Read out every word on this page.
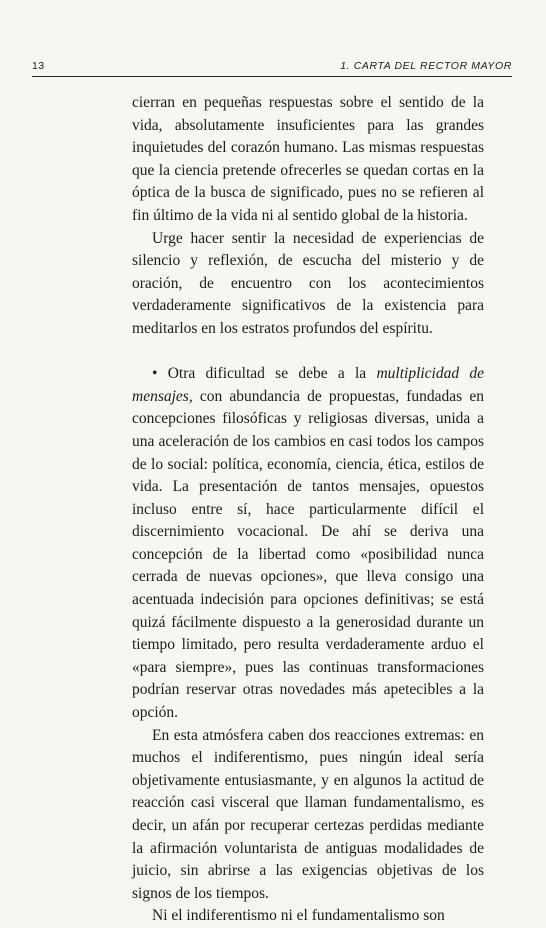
13	1. CARTA DEL RECTOR MAYOR

cierran en pequeñas respuestas sobre el sentido de la vida, absolutamente insuficientes para las grandes inquietudes del corazón humano. Las mismas respuestas que la ciencia pretende ofrecerles se quedan cortas en la óptica de la busca de significado, pues no se refieren al fin último de la vida ni al sentido global de la historia.

Urge hacer sentir la necesidad de experiencias de silencio y reflexión, de escucha del misterio y de oración, de encuentro con los acontecimientos verdaderamente significativos de la existencia para meditarlos en los estratos profundos del espíritu.

• Otra dificultad se debe a la multiplicidad de mensajes, con abundancia de propuestas, fundadas en concepciones filosóficas y religiosas diversas, unida a una aceleración de los cambios en casi todos los campos de lo social: política, economía, ciencia, ética, estilos de vida. La presentación de tantos mensajes, opuestos incluso entre sí, hace particularmente difícil el discernimiento vocacional. De ahí se deriva una concepción de la libertad como «posibilidad nunca cerrada de nuevas opciones», que lleva consigo una acentuada indecisión para opciones definitivas; se está quizá fácilmente dispuesto a la generosidad durante un tiempo limitado, pero resulta verdaderamente arduo el «para siempre», pues las continuas transformaciones podrían reservar otras novedades más apetecibles a la opción.

En esta atmósfera caben dos reacciones extremas: en muchos el indiferentismo, pues ningún ideal sería objetivamente entusiasmante, y en algunos la actitud de reacción casi visceral que llaman fundamentalismo, es decir, un afán por recuperar certezas perdidas mediante la afirmación voluntarista de antiguas modalidades de juicio, sin abrirse a las exigencias objetivas de los signos de los tiempos.

Ni el indiferentismo ni el fundamentalismo son
